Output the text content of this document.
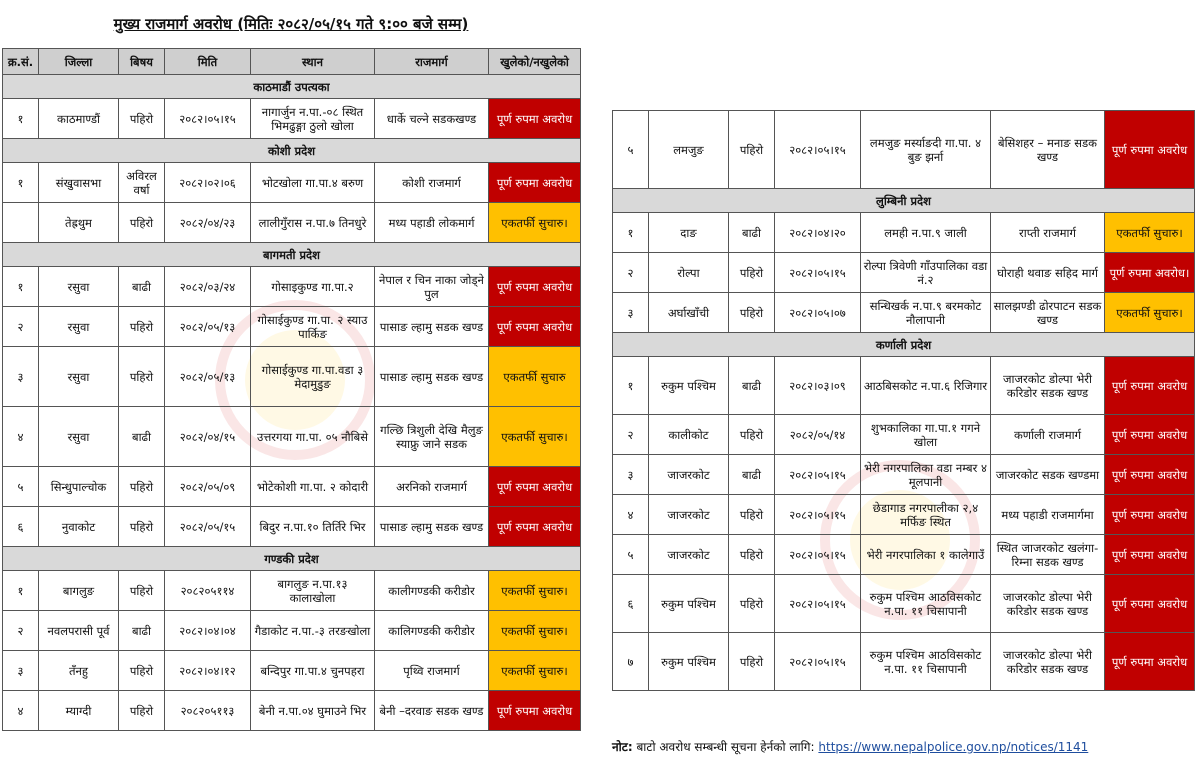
मुख्य राजमार्ग अवरोध (मितिः २०८२/०५/१५ गते ९:०० बजे सम्म)
क्र.सं.	जिल्ला	बिषय	मिति	स्थान	राजमार्ग	खुलेको/नखुलेको
काठमाडौं उपत्यका						
१	काठमाण्डौं	पहिरो	२०८२।०५।१५	नागार्जुन न.पा.-०८ स्थित भिमढुङ्गा ठुलो खोला	धार्के चल्ने सडकखण्ड	पूर्ण रुपमा अवरोध
कोशी प्रदेश						
१	संखुवासभा	अविरल वर्षा	२०८२।०२।०६	भोटखोला गा.पा.४ बरुण	कोशी राजमार्ग	पूर्ण रुपमा अवरोध
	तेह्रथुम	पहिरो	२०८२/०४/२३	लालीगुँरास न.पा.७ तिनधुरे	मध्य पहाडी लोकमार्ग	एकतर्फी सुचारु।
बागमती प्रदेश						
१	रसुवा	बाढी	२०८२/०३/२४	गोसाइकुण्ड गा.पा.२	नेपाल र चिन नाका जोड्ने पुल	पूर्ण रुपमा अवरोध
२	रसुवा	पहिरो	२०८२/०५/१३	गोसाईकुण्ड गा.पा. २ स्याउ पार्किङ	पासाङ ल्हामु सडक खण्ड	पूर्ण रुपमा अवरोध
३	रसुवा	पहिरो	२०८२/०५/१३	गोसाईकुण्ड गा.पा.वडा ३ मेदामुडुङ	पासाङ ल्हामु सडक खण्ड	एकतर्फी सुचारु
४	रसुवा	बाढी	२०८२/०४/१५	उत्तरगया गा.पा. ०५ नौबिसे	गल्छि त्रिशुली देखि मैलुङ स्याफ्रु जाने सडक	एकतर्फी सुचारु।
५	सिन्धुपाल्चोक	पहिरो	२०८२/०५/०९	भोटेकोशी गा.पा. २ कोदारी	अरनिको राजमार्ग	पूर्ण रुपमा अवरोध
६	नुवाकोट	पहिरो	२०८२/०५/१५	बिदुर न.पा.१० तिर्तिरे भिर	पासाङ ल्हामु सडक खण्ड	पूर्ण रुपमा अवरोध
गण्डकी प्रदेश						
१	बागलुङ	पहिरो	२०८२०५११४	बागलुङ न.पा.१३ कालाखोला	कालीगण्डकी करीडोर	एकतर्फी सुचारु।
२	नवलपरासी पूर्व	बाढी	२०८२।०४।०४	गैडाकोट न.पा.-३ तरङखोला	कालिगण्डकी करीडोर	एकतर्फी सुचारु।
३	तँनहु	पहिरो	२०८२।०४।१२	बन्दिपुर गा.पा.४ चुनपहरा	पृथ्वि राजमार्ग	एकतर्फी सुचारु।
४	म्याग्दी	पहिरो	२०८२०५११३	बेनी न.पा.०४ घुमाउने भिर	बेनी –दरवाङ सडक खण्ड	पूर्ण रुपमा अवरोध
५	लमजुङ	पहिरो	२०८२।०५।१५	लमजुङ मर्स्याङदी गा.पा. ४ बुङ झर्ना	बेसिशहर – मनाङ सडक खण्ड	पूर्ण रुपमा अवरोध
लुम्बिनी प्रदेश						
१	दाङ	बाढी	२०८२।०४।२०	लमही न.पा.९ जाली	राप्ती राजमार्ग	एकतर्फी सुचारु।
२	रोल्पा	पहिरो	२०८२।०५।१५	रोल्पा त्रिवेणी गाँउपालिका वडा नं.२	घोराही थवाङ सहिद मार्ग	पूर्ण रुपमा अवरोध।
३	अर्घाखाँची	पहिरो	२०८२।०५।०७	सन्धिखर्क न.पा.९ बरमकोट नौलापानी	सालझण्डी ढोरपाटन सडक खण्ड	एकतर्फी सुचारु।
कर्णाली प्रदेश						
१	रुकुम पश्चिम	बाढी	२०८२।०३।०९	आठबिसकोट न.पा.६ रिजिगार	जाजरकोट डोल्पा भेरी करिडोर सडक खण्ड	पूर्ण रुपमा अवरोध
२	कालीकोट	पहिरो	२०८२/०५/१४	शुभकालिका गा.पा.१ गगने खोला	कर्णाली राजमार्ग	पूर्ण रुपमा अवरोध
३	जाजरकोट	बाढी	२०८२।०५।१५	भेरी नगरपालिका वडा नम्बर ४ मूलपानी	जाजरकोट सडक खण्डमा	पूर्ण रुपमा अवरोध
४	जाजरकोट	पहिरो	२०८२।०५।१५	छेडागाड नगरपालीका २,४ मर्फिङ स्थित	मध्य पहाडी राजमार्गमा	पूर्ण रुपमा अवरोध
५	जाजरकोट	पहिरो	२०८२।०५।१५	भेरी नगरपालिका १ कालेगाउँ	स्थित जाजरकोट खलंगा-रिम्ना सडक खण्ड	पूर्ण रुपमा अवरोध
६	रुकुम पश्चिम	पहिरो	२०८२।०५।१५	रुकुम पश्चिम आठविसकोट न.पा. ११ चिसापानी	जाजरकोट डोल्पा भेरी करिडोर सडक खण्ड	पूर्ण रुपमा अवरोध
७	रुकुम पश्चिम	पहिरो	२०८२।०५।१५	रुकुम पश्चिम आठविसकोट न.पा. ११ चिसापानी	जाजरकोट डोल्पा भेरी करिडोर सडक खण्ड	पूर्ण रुपमा अवरोध
नोट: बाटो अवरोध सम्बन्धी सूचना हेर्नको लागि: https://www.nepalpolice.gov.np/notices/1141
